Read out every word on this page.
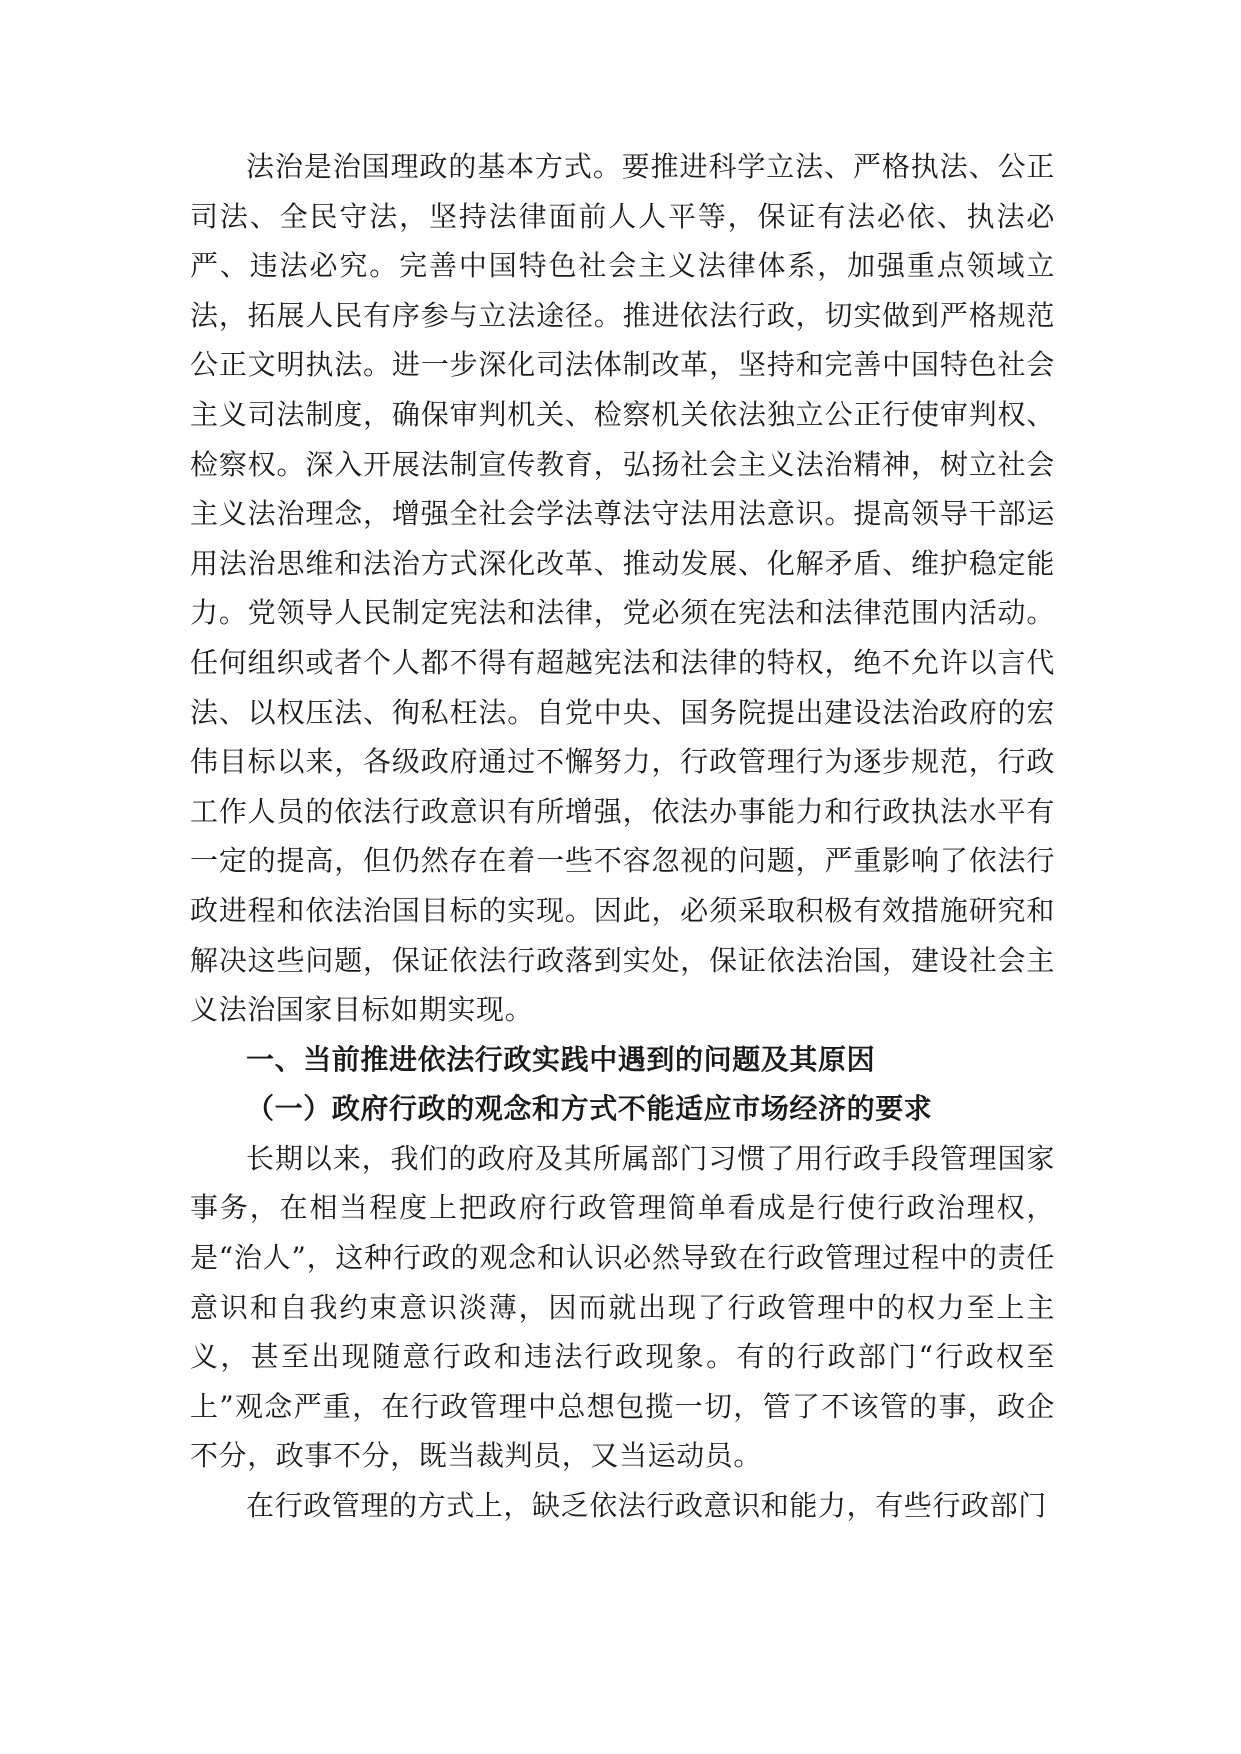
法治是治国理政的基本方式。要推进科学立法、严格执法、公正司法、全民守法，坚持法律面前人人平等，保证有法必依、执法必严、违法必究。完善中国特色社会主义法律体系，加强重点领域立法，拓展人民有序参与立法途径。推进依法行政，切实做到严格规范公正文明执法。进一步深化司法体制改革，坚持和完善中国特色社会主义司法制度，确保审判机关、检察机关依法独立公正行使审判权、检察权。深入开展法制宣传教育，弘扬社会主义法治精神，树立社会主义法治理念，增强全社会学法尊法守法用法意识。提高领导干部运用法治思维和法治方式深化改革、推动发展、化解矛盾、维护稳定能力。党领导人民制定宪法和法律，党必须在宪法和法律范围内活动。任何组织或者个人都不得有超越宪法和法律的特权，绝不允许以言代法、以权压法、徇私枉法。自党中央、国务院提出建设法治政府的宏伟目标以来，各级政府通过不懈努力，行政管理行为逐步规范，行政工作人员的依法行政意识有所增强，依法办事能力和行政执法水平有一定的提高，但仍然存在着一些不容忽视的问题，严重影响了依法行政进程和依法治国目标的实现。因此，必须采取积极有效措施研究和解决这些问题，保证依法行政落到实处，保证依法治国，建设社会主义法治国家目标如期实现。

一、当前推进依法行政实践中遇到的问题及其原因
（一）政府行政的观念和方式不能适应市场经济的要求

长期以来，我们的政府及其所属部门习惯了用行政手段管理国家事务，在相当程度上把政府行政管理简单看成是行使行政治理权，是“治人”，这种行政的观念和认识必然导致在行政管理过程中的责任意识和自我约束意识淡薄，因而就出现了行政管理中的权力至上主义，甚至出现随意行政和违法行政现象。有的行政部门“行政权至上”观念严重，在行政管理中总想包揽一切，管了不该管的事，政企不分，政事不分，既当裁判员，又当运动员。

在行政管理的方式上，缺乏依法行政意识和能力，有些行政部门
